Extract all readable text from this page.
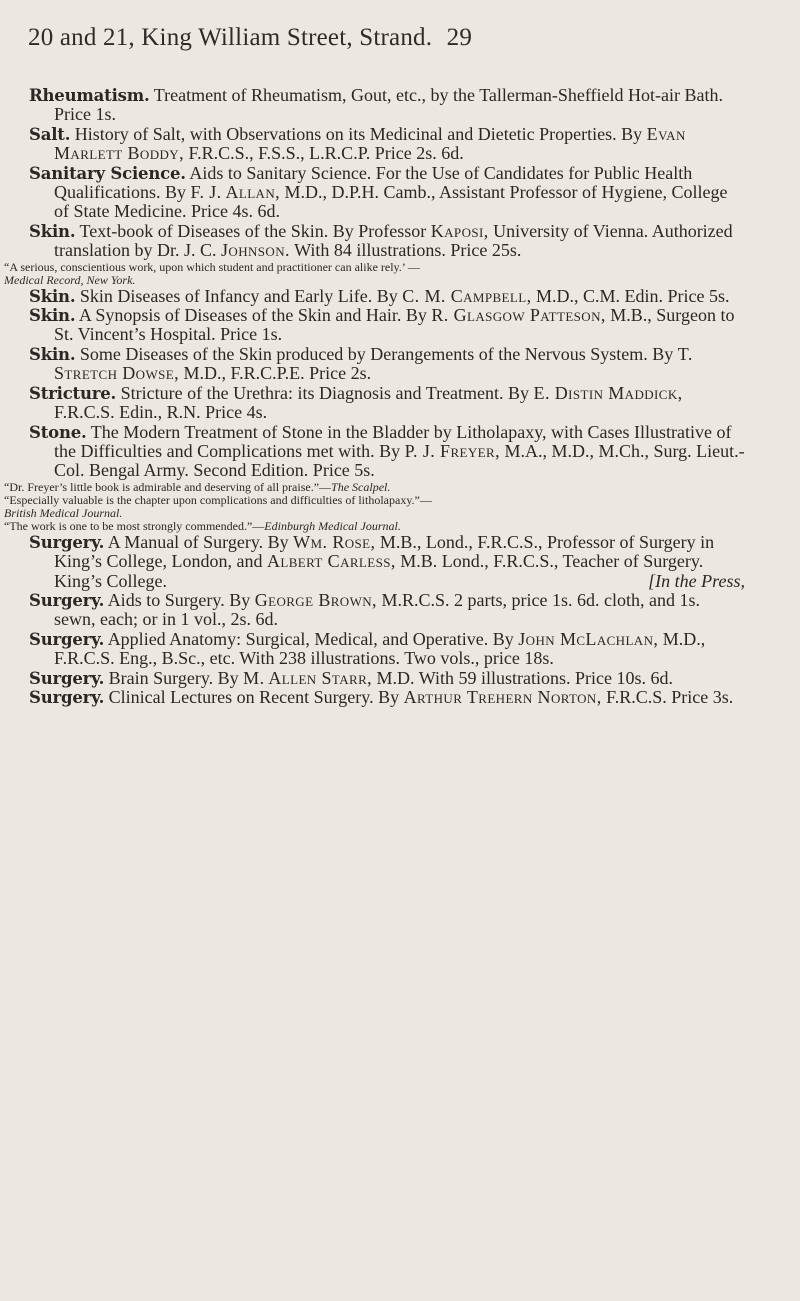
20 and 21, King William Street, Strand. 29

Rheumatism. Treatment of Rheumatism, Gout, etc., by the Tallerman-Sheffield Hot-air Bath. Price 1s.

Salt. History of Salt, with Observations on its Medicinal and Dietetic Properties. By Evan Marlett Boddy, F.R.C.S., F.S.S., L.R.C.P. Price 2s. 6d.

Sanitary Science. Aids to Sanitary Science. For the Use of Candidates for Public Health Qualifications. By F. J. Allan, M.D., D.P.H. Camb., Assistant Professor of Hygiene, College of State Medicine. Price 4s. 6d.

Skin. Text-book of Diseases of the Skin. By Professor Kaposi, University of Vienna. Authorized translation by Dr. J. C. Johnson. With 84 illustrations. Price 25s.

“A serious, conscientious work, upon which student and practitioner can alike rely.’ —
Medical Record, New York.

Skin. Skin Diseases of Infancy and Early Life. By C. M. Campbell, M.D., C.M. Edin. Price 5s.

Skin. A Synopsis of Diseases of the Skin and Hair. By R. Glasgow Patteson, M.B., Surgeon to St. Vincent’s Hospital. Price 1s.

Skin. Some Diseases of the Skin produced by Derangements of the Nervous System. By T. Stretch Dowse, M.D., F.R.C.P.E. Price 2s.

Stricture. Stricture of the Urethra: its Diagnosis and Treatment. By E. Distin Maddick, F.R.C.S. Edin., R.N. Price 4s.

Stone. The Modern Treatment of Stone in the Bladder by Litholapaxy, with Cases Illustrative of the Difficulties and Complications met with. By P. J. Freyer, M.A., M.D., M.Ch., Surg. Lieut.-Col. Bengal Army. Second Edition. Price 5s.

“Dr. Freyer’s little book is admirable and deserving of all praise.”—The Scalpel.
“Especially valuable is the chapter upon complications and difficulties of litholapaxy.”—
British Medical Journal.
“The work is one to be most strongly commended.”—Edinburgh Medical Journal.

Surgery. A Manual of Surgery. By Wm. Rose, M.B., Lond., F.R.C.S., Professor of Surgery in King’s College, London, and Albert Carless, M.B. Lond., F.R.C.S., Teacher of Surgery. King’s College.	[In the Press,

Surgery. Aids to Surgery. By George Brown, M.R.C.S. 2 parts, price 1s. 6d. cloth, and 1s. sewn, each; or in 1 vol., 2s. 6d.

Surgery. Applied Anatomy: Surgical, Medical, and Operative. By John McLachlan, M.D., F.R.C.S. Eng., B.Sc., etc. With 238 illustrations. Two vols., price 18s.

Surgery. Brain Surgery. By M. Allen Starr, M.D. With 59 illustrations. Price 10s. 6d.

Surgery. Clinical Lectures on Recent Surgery. By Arthur Trehern Norton, F.R.C.S. Price 3s.
